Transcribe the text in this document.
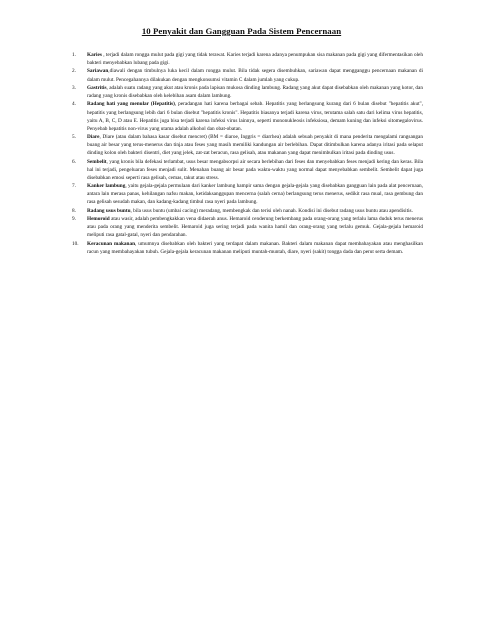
10 Penyakit dan Gangguan Pada Sistem Pencernaan
1. Karies , terjadi dalam rongga mulut pada gigi yang tidak terawat. Karies terjadi karena adanya penumpukan sisa makanan pada gigi yang difermentasikan oleh bakteri menyebabkan lubang pada gigi.
2. Sariawan,diawali dengan timbulnya luka kecil dalam rongga mulut. Bila tidak segera disembuhkan, sariawan dapat mengganggu pencernaan makanan di dalam mulut. Pencegahannya dilakukan dengan mengkonsumsi vitamin C dalam jumlah yang cukup.
3. Gastritis, adalah suatu radang yang akut atau kronis pada lapisan mukosa dinding lambung. Radang yang akut dapat disebabkan oleh makanan yang kotor, dan radang yang kronis disebabkan oleh kelebihan asam dalam lambung.
4. Radang hati yang menular (Hepatitis), peradangan hati karena berbagai sebab. Hepatitis yang berlangsung kurang dari 6 bulan disebut "hepatitis akut", hepatitis yang berlangsung lebih dari 6 bulan disebut "hepatitis kronis". Hepatitis biasanya terjadi karena virus, terutama salah satu dari kelima virus hepatitis, yaitu A, B, C, D atau E. Hepatitis juga bisa terjadi karena infeksi virus lainnya, seperti mononukleosis infeksiosa, demam kuning dan infeksi sitomegalovirus. Penyebab hepatitis non-virus yang utama adalah alkohol dan obat-obatan.
5. Diare, Diare (atau dalam bahasa kasar disebut mencret) (BM = diaroe, Inggris = diarrhea) adalah sebuah penyakit di mana penderita mengalami rangsangan buang air besar yang terus-menerus dan tinja atau feses yang masih memiliki kandungan air berlebihan. Dapat ditimbulkan karena adanya iritasi pada selaput dinding kolon oleh bakteri disentri, diet yang jelek, zat-zat beracun, rasa gelisah, atau makanan yang dapat menimbulkan iritasi pada dinding usus.
6. Sembelit, yang kronis bila defekasi terlambat, usus besar mengabsorpsi air secara berlebihan dari feses dan menyebabkan feses menjadi kering dan keras. Bila hal ini terjadi, pengeluaran feses menjadi sulit. Menahan buang air besar pada waktu-waktu yang normal dapat menyebabkan sembelit. Sembelit dapat juga disebabkan emosi seperti rasa gelisah, cemas, takut atau stress.
7. Kanker lambung, yaitu gejala-gejala permulaan dari kanker lambung hampir sama dengan gejala-gejala yang disebabkan gangguan lain pada alat pencernaan, antara lain merasa panas, kehilangan nafsu makan, ketidaksanggupan mencerna (salah cerna) berlangsung terus menerus, sedikit rasa mual, rasa gembung dan rasa gelisah sesudah makan, dan kadang-kadang timbul rasa nyeri pada lambung.
8. Radang usus buntu, bila usus buntu (umbai cacing) meradang, membengkak dan terisi oleh nanah. Kondisi ini disebut radang usus buntu atau apendisitis.
9. Hemoroid atau wasir, adalah pembengkakkan vena didaerah anus. Hemaroid cenderung berkembang pada orang-orang yang terlalu lama duduk terus menerus atau pada orang yang menderita sembelit. Hemaroid juga sering terjadi pada wanita hamil dan orang-orang yang terlalu gemuk. Gejala-gejala hemaroid meliputi rasa gatal-gatal, nyeri dan pendarahan.
10. Keracunan makanan, umumnya disebabkan oleh bakteri yang terdapat dalam makanan. Bakteri dalam makanan dapat membahayakan atau menghasilkan racun yang membahayakan tubuh. Gejala-gejala keracunan makanan meliputi muntah-muntah, diare, nyeri (sakit) tongga dada dan perut serta demam.
